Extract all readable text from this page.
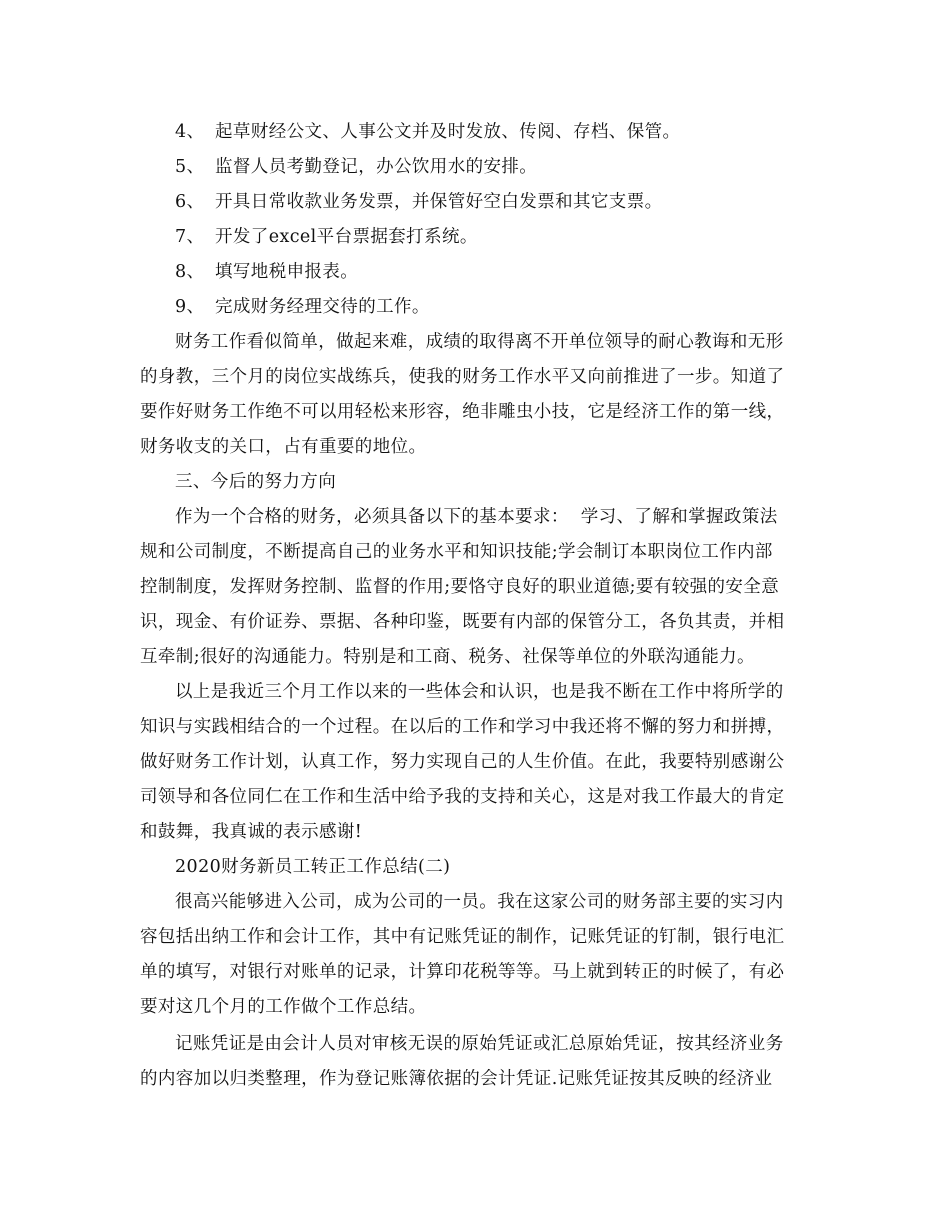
4、 起草财经公文、人事公文并及时发放、传阅、存档、保管。
5、 监督人员考勤登记，办公饮用水的安排。
6、 开具日常收款业务发票，并保管好空白发票和其它支票。
7、 开发了excel平台票据套打系统。
8、 填写地税申报表。
9、 完成财务经理交待的工作。
财务工作看似简单，做起来难，成绩的取得离不开单位领导的耐心教诲和无形
的身教，三个月的岗位实战练兵，使我的财务工作水平又向前推进了一步。知道了
要作好财务工作绝不可以用轻松来形容，绝非雕虫小技，它是经济工作的第一线，
财务收支的关口，占有重要的地位。
三、今后的努力方向
作为一个合格的财务，必须具备以下的基本要求：  学习、了解和掌握政策法
规和公司制度，不断提高自己的业务水平和知识技能;学会制订本职岗位工作内部
控制制度，发挥财务控制、监督的作用;要恪守良好的职业道德;要有较强的安全意
识，现金、有价证券、票据、各种印鉴，既要有内部的保管分工，各负其责，并相
互牵制;很好的沟通能力。特别是和工商、税务、社保等单位的外联沟通能力。
以上是我近三个月工作以来的一些体会和认识，也是我不断在工作中将所学的
知识与实践相结合的一个过程。在以后的工作和学习中我还将不懈的努力和拼搏，
做好财务工作计划，认真工作，努力实现自己的人生价值。在此，我要特别感谢公
司领导和各位同仁在工作和生活中给予我的支持和关心，这是对我工作最大的肯定
和鼓舞，我真诚的表示感谢!
2020财务新员工转正工作总结(二)
很高兴能够进入公司，成为公司的一员。我在这家公司的财务部主要的实习内
容包括出纳工作和会计工作，其中有记账凭证的制作，记账凭证的钉制，银行电汇
单的填写，对银行对账单的记录，计算印花税等等。马上就到转正的时候了，有必
要对这几个月的工作做个工作总结。
记账凭证是由会计人员对审核无误的原始凭证或汇总原始凭证，按其经济业务
的内容加以归类整理，作为登记账簿依据的会计凭证.记账凭证按其反映的经济业
